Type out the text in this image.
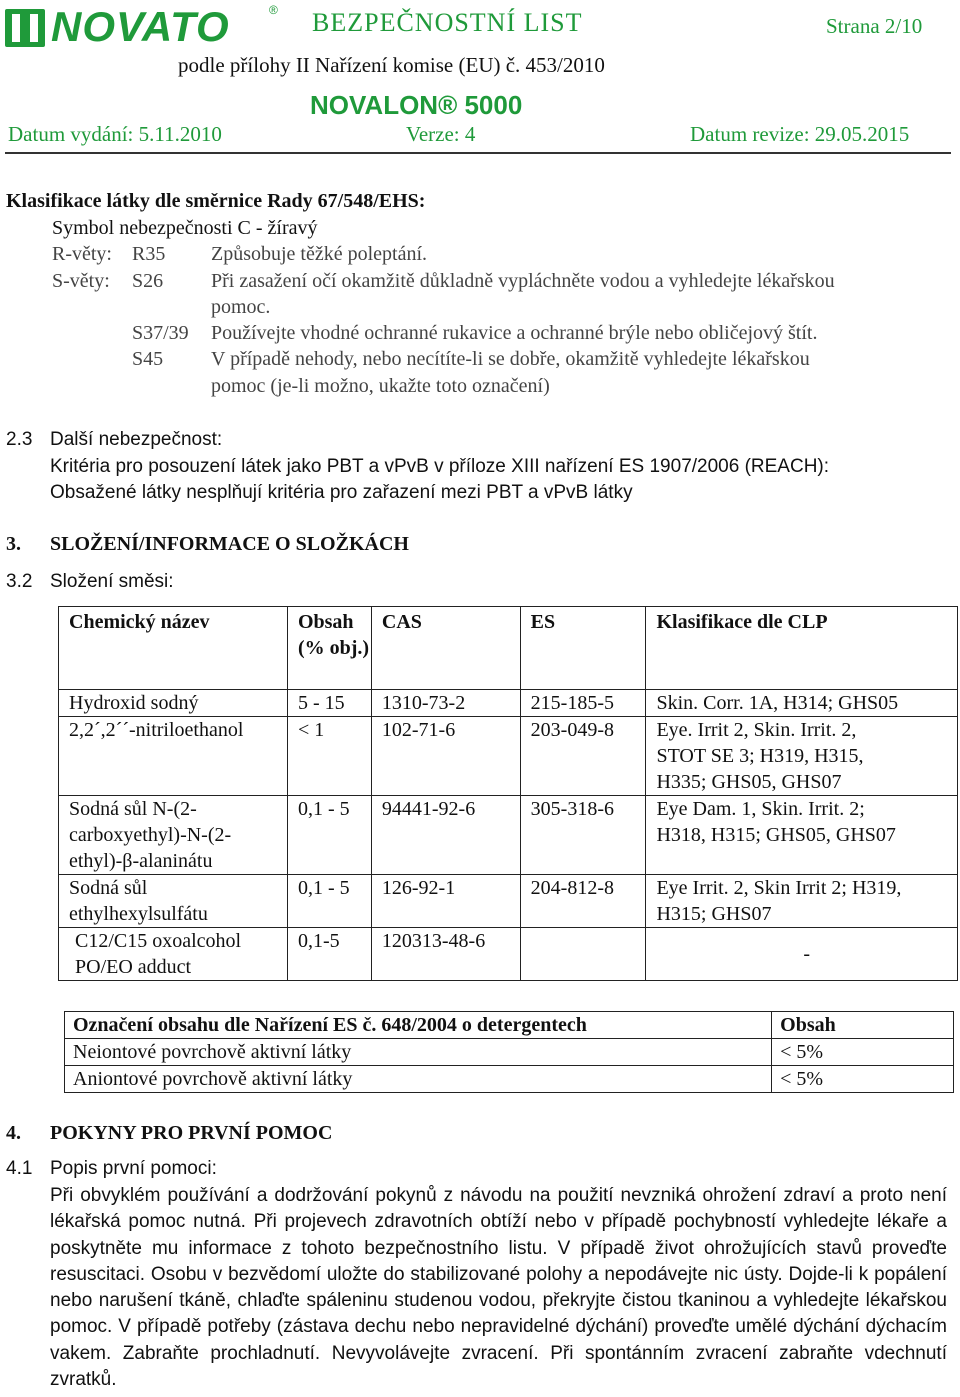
NOVATO	® BEZPEČNOSTNÍ LIST	Strana 2/10
podle přílohy II Nařízení komise (EU) č. 453/2010
NOVALON® 5000
Datum vydání: 5.11.2010	Verze: 4	Datum revize: 29.05.2015
Klasifikace látky dle směrnice Rady 67/548/EHS:
Symbol nebezpečnosti C - žíravý
R-věty: R35 Způsobuje těžké poleptání.
S-věty: S26 Při zasažení očí okamžitě důkladně vypláchněte vodou a vyhledejte lékařskou
pomoc.
S37/39 Používejte vhodné ochranné rukavice a ochranné brýle nebo obličejový štít.
S45 V případě nehody, nebo necítíte-li se dobře, okamžitě vyhledejte lékařskou
pomoc (je-li možno, ukažte toto označení)
2.3 Další nebezpečnost:
Kritéria pro posouzení látek jako PBT a vPvB v příloze XIII nařízení ES 1907/2006 (REACH):
Obsažené látky nesplňují kritéria pro zařazení mezi PBT a vPvB látky
3. SLOŽENÍ/INFORMACE O SLOŽKÁCH
3.2 Složení směsi:
Chemický název	Obsah (% obj.)	CAS	ES	Klasifikace dle CLP
Hydroxid sodný	5 - 15	1310-73-2	215-185-5	Skin. Corr. 1A, H314; GHS05
2,2´,2´´-nitriloethanol	< 1	102-71-6	203-049-8	Eye. Irrit 2, Skin. Irrit. 2, STOT SE 3; H319, H315, H335; GHS05, GHS07
Sodná sůl N-(2-carboxyethyl)-N-(2-ethyl)-β-alaninátu	0,1 - 5	94441-92-6	305-318-6	Eye Dam. 1, Skin. Irrit. 2; H318, H315; GHS05, GHS07
Sodná sůl ethylhexylsulfátu	0,1 - 5	126-92-1	204-812-8	Eye Irrit. 2, Skin Irrit 2; H319, H315; GHS07
C12/C15 oxoalcohol PO/EO adduct	0,1-5	120313-48-6		-
Označení obsahu dle Nařízení ES č. 648/2004 o detergentech	Obsah
Neiontové povrchově aktivní látky	< 5%
Aniontové povrchově aktivní látky	< 5%
4. POKYNY PRO PRVNÍ POMOC
4.1 Popis první pomoci:
Při obvyklém používání a dodržování pokynů z návodu na použití nevzniká ohrožení zdraví a proto není lékařská pomoc nutná. Při projevech zdravotních obtíží nebo v případě pochybností vyhledejte lékaře a poskytněte mu informace z tohoto bezpečnostního listu. V případě život ohrožujících stavů proveďte resuscitaci. Osobu v bezvědomí uložte do stabilizované polohy a nepodávejte nic ústy. Dojde-li k popálení nebo narušení tkáně, chlaďte spáleninu studenou vodou, překryjte čistou tkaninou a vyhledejte lékařskou pomoc. V případě potřeby (zástava dechu nebo nepravidelné dýchání) proveďte umělé dýchání dýchacím vakem. Zabraňte prochladnutí. Nevyvolávejte zvracení. Při spontánním zvracení zabraňte vdechnutí zvratků.
